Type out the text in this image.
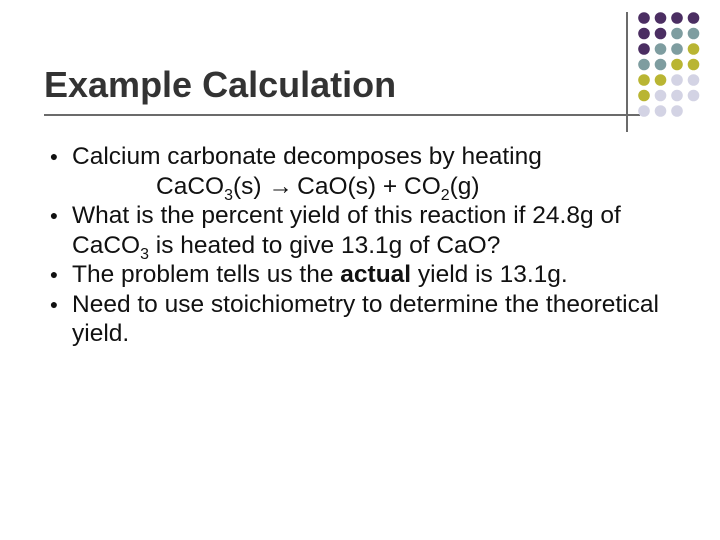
Example Calculation
● Calcium carbonate decomposes by heating
CaCO$_3$(s) → $CaO(s) + CO_2(g)$
● What is the percent yield of this reaction if 24.8g of CaCO$_3$ is heated to give 13.1g of CaO?
● The problem tells us the actual yield is 13.1g.
● Need to use stoichiometry to determine the theoretical yield.
